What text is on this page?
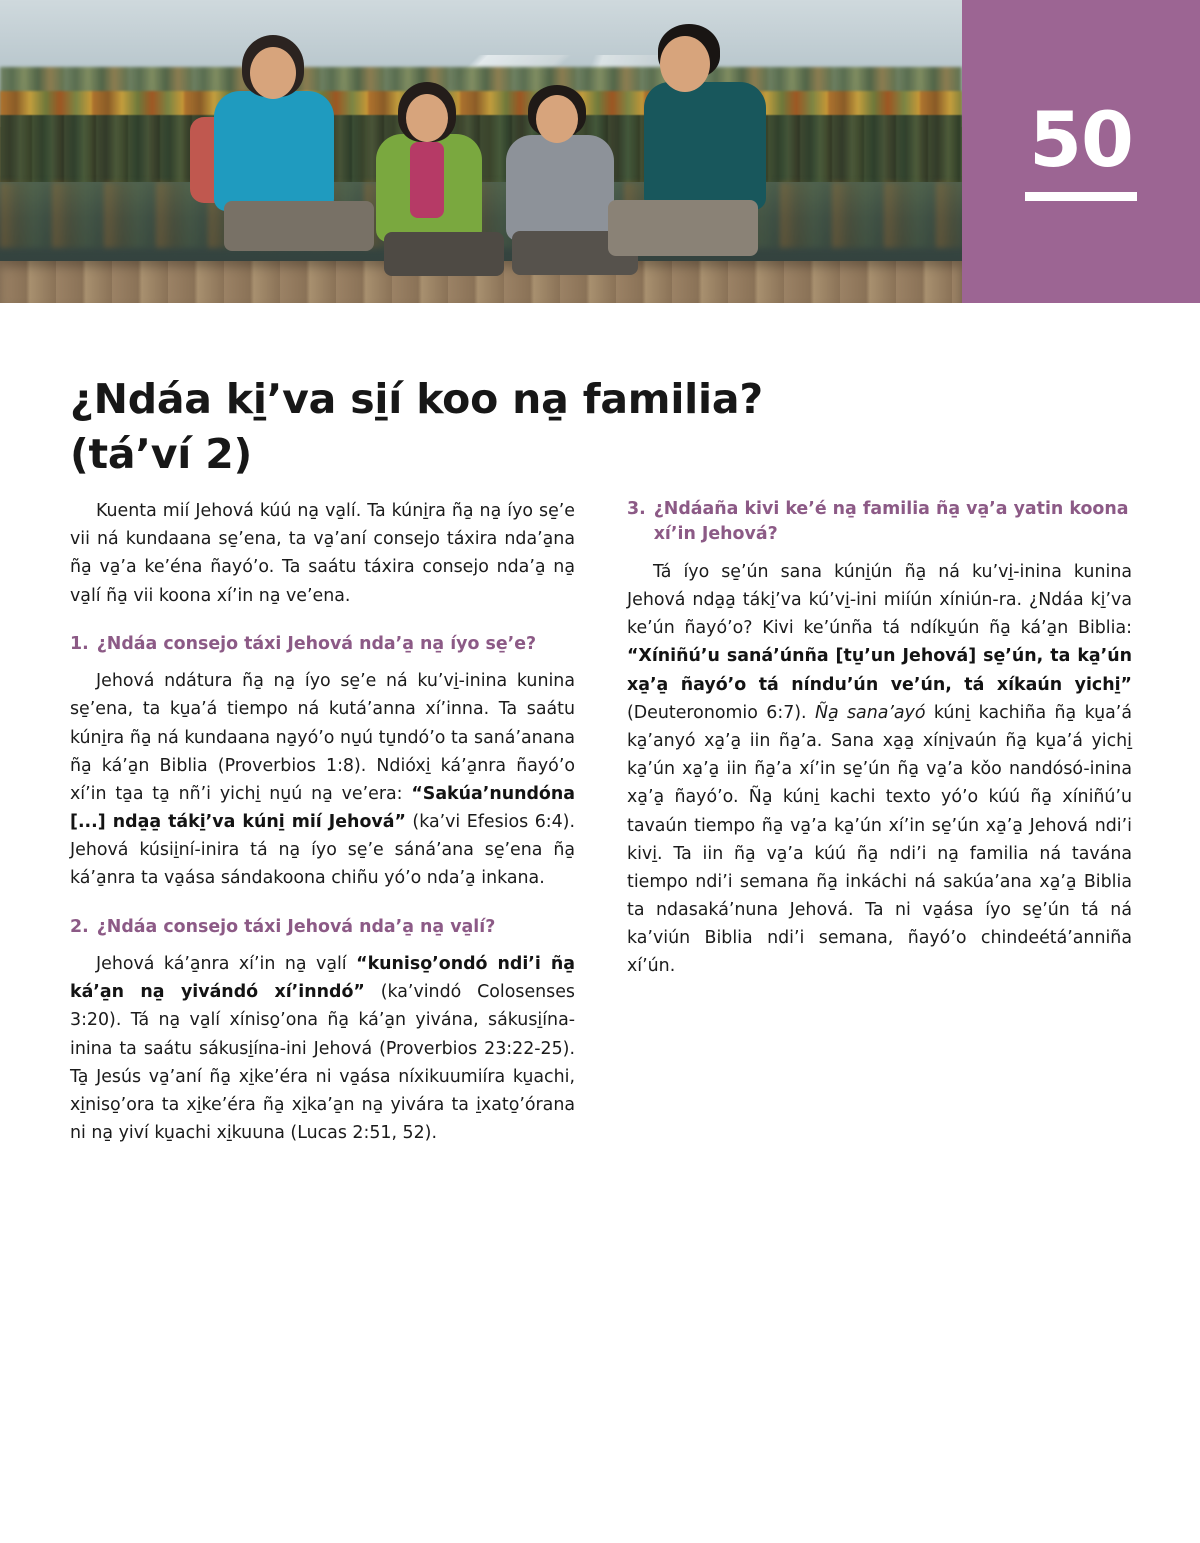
50
¿Ndáa ki̱’va si̱í koo na̱ familia? (tá’ví 2)

Kuenta mií Jehová kúú na̱ va̱lí. Ta kúni̱ra ña̱ na̱ íyo se̱’e vii ná kundaana se̱’ena, ta va̱’aní consejo táxira nda’a̱na ña̱ va̱’a ke’éna ñayó’o. Ta saátu táxira consejo nda’a̱ na̱ va̱lí ña̱ vii koona xí’in na̱ ve’ena.

1. ¿Ndáa consejo táxi Jehová nda’a̱ na̱ íyo se̱’e?

Jehová ndátura ña̱ na̱ íyo se̱’e ná ku’vi̱-inina kunina se̱’ena, ta ku̱a’á tiempo ná kutá’anna xí’inna. Ta saátu kúni̱ra ña̱ ná kundaana na̱yó’o nu̱ú tu̱ndó’o ta saná’anana ña̱ ká’a̱n Biblia (Proverbios 1:8). Ndióxi̱ ká’a̱nra ñayó’o xí’in ta̱a ta̱ nñ’i yichi̱ nu̱ú na̱ ve’era: “Sakúa’nundóna [...] nda̱a̱ táki̱’va kúni̱ mií Jehová” (ka’vi Efesios 6:4). Jehová kúsii̱ní-inira tá na̱ íyo se̱’e sáná’ana se̱’ena ña̱ ká’a̱nra ta va̱ása sándakoona chiñu yó’o nda’a̱ inkana.

2. ¿Ndáa consejo táxi Jehová nda’a̱ na̱ va̱lí?

Jehová ká’a̱nra xí’in na̱ va̱lí “kuniso̱’ondó ndi’i ña̱ ká’a̱n na̱ yivándó xí’inndó” (ka’vindó Colosenses 3:20). Tá na̱ va̱lí xíniso̱’ona ña̱ ká’a̱n yivána, sákusi̱ína-inina ta saátu sákusi̱ína-ini Jehová (Proverbios 23:22-25). Ta̱ Jesús va̱’aní ña̱ xi̱ke’éra ni va̱ása níxikuumiíra ku̱achi, xi̱niso̱’ora ta xi̱ke’éra ña̱ xi̱ka’a̱n na̱ yivára ta i̱xato̱’órana ni na̱ yiví ku̱achi xi̱kuuna (Lucas 2:51, 52).

3. ¿Ndáaña kivi ke’é na̱ familia ña̱ va̱’a yatin koona xí’in Jehová?

Tá íyo se̱’ún sana kúni̱ún ña̱ ná ku’vi̱-inina kunina Jehová nda̱a̱ táki̱’va kú’vi̱-ini miíún xíniún-ra. ¿Ndáa ki̱’va ke’ún ñayó’o? Kivi ke’únña tá ndíku̱ún ña̱ ká’a̱n Biblia: “Xíniñú’u saná’únña [tu̱’un Jehová] se̱’ún, ta ka̱’ún xa̱’a̱ ñayó’o tá níndu’ún ve’ún, tá xíkaún yichi̱” (Deuteronomio 6:7). Ña̱ sana’ayó kúni̱ kachiña ña̱ ku̱a’á ka̱’anyó xa̱’a̱ iin ña̱’a. Sana xa̱a̱ xíni̱vaún ña̱ ku̱a’á yichi̱ ka̱’ún xa̱’a̱ iin ña̱’a xí’in se̱’ún ña̱ va̱’a kǒo nandósó-inina xa̱’a̱ ñayó’o. Ña̱ kúni̱ kachi texto yó’o kúú ña̱ xíniñú’u tavaún tiempo ña̱ va̱’a ka̱’ún xí’in se̱’ún xa̱’a̱ Jehová ndi’i kivi̱. Ta iin ña̱ va̱’a kúú ña̱ ndi’i na̱ familia ná tavána tiempo ndi’i semana ña̱ inkáchi ná sakúa’ana xa̱’a̱ Biblia ta ndasaká’nuna Jehová. Ta ni va̱ása íyo se̱’ún tá ná ka’viún Biblia ndi’i semana, ñayó’o chindeétá’anniña xí’ún.
